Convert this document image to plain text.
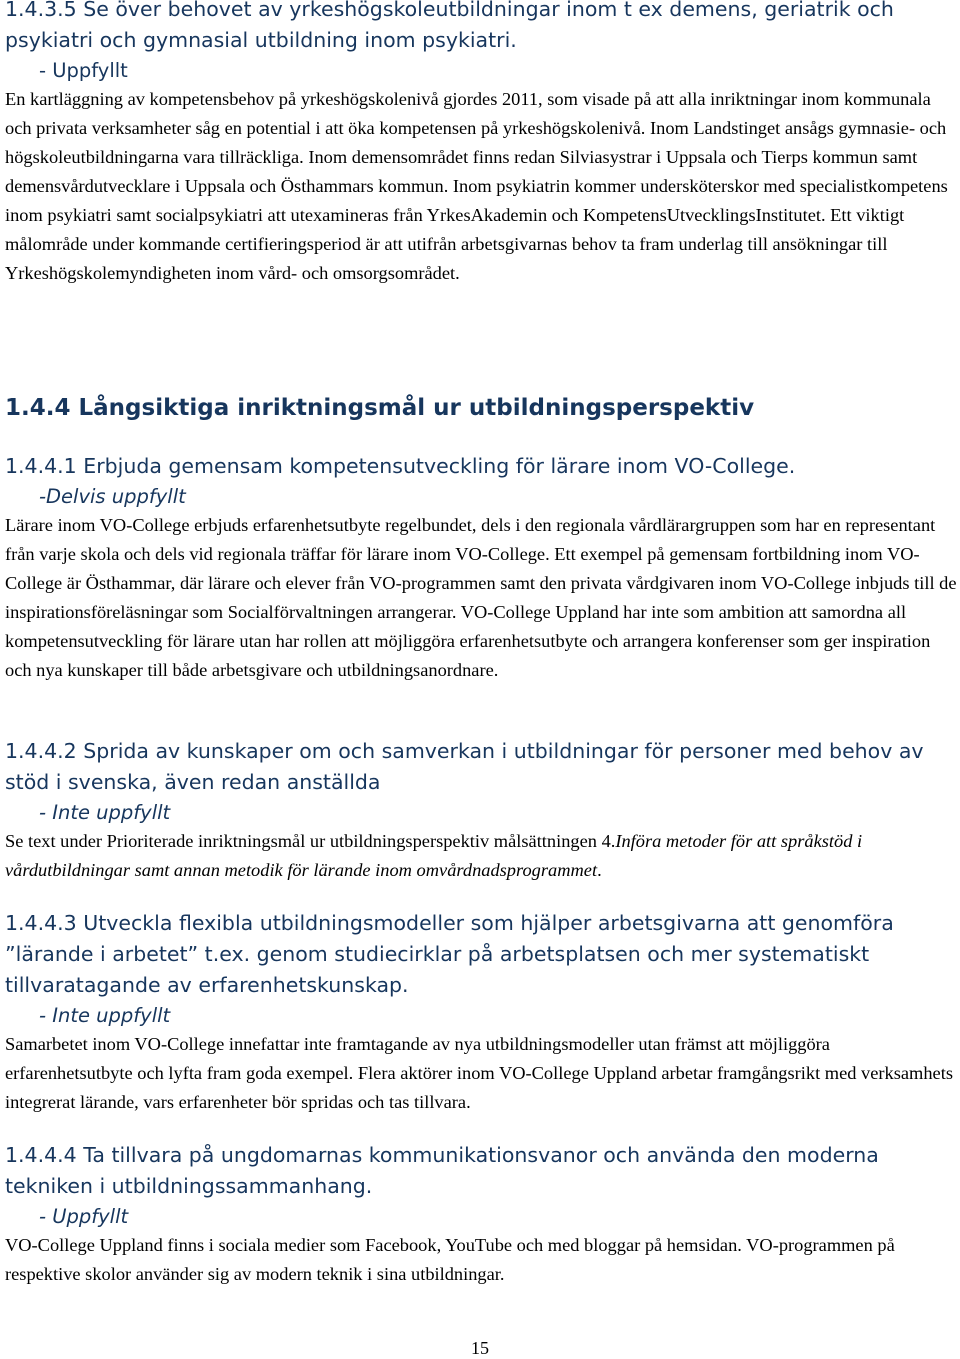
1.4.3.5 Se över behovet av yrkeshögskoleutbildningar inom t ex demens, geriatrik och psykiatri och gymnasial utbildning inom psykiatri.

- Uppfyllt

En kartläggning av kompetensbehov på yrkeshögskolenivå gjordes 2011, som visade på att alla inriktningar inom kommunala och privata verksamheter såg en potential i att öka kompetensen på yrkeshögskolenivå. Inom Landstinget ansågs gymnasie- och högskoleutbildningarna vara tillräckliga. Inom demensområdet finns redan Silviasystrar i Uppsala och Tierps kommun samt demensvårdutvecklare i Uppsala och Östhammars kommun. Inom psykiatrin kommer undersköterskor med specialistkompetens inom psykiatri samt socialpsykiatri att utexamineras från YrkesAkademin och KompetensUtvecklingsInstitutet. Ett viktigt målområde under kommande certifieringsperiod är att utifrån arbetsgivarnas behov ta fram underlag till ansökningar till Yrkeshögskolemyndigheten inom vård- och omsorgsområdet.

1.4.4 Långsiktiga inriktningsmål ur utbildningsperspektiv
1.4.4.1 Erbjuda gemensam kompetensutveckling för lärare inom VO-College.

-Delvis uppfyllt

Lärare inom VO-College erbjuds erfarenhetsutbyte regelbundet, dels i den regionala vårdlärargruppen som har en representant från varje skola och dels vid regionala träffar för lärare inom VO-College. Ett exempel på gemensam fortbildning inom VO-College är Östhammar, där lärare och elever från VO-programmen samt den privata vårdgivaren inom VO-College inbjuds till de inspirationsföreläsningar som Socialförvaltningen arrangerar. VO-College Uppland har inte som ambition att samordna all kompetensutveckling för lärare utan har rollen att möjliggöra erfarenhetsutbyte och arrangera konferenser som ger inspiration och nya kunskaper till både arbetsgivare och utbildningsanordnare.

1.4.4.2 Sprida av kunskaper om och samverkan i utbildningar för personer med behov av stöd i svenska, även redan anställda

- Inte uppfyllt

Se text under Prioriterade inriktningsmål ur utbildningsperspektiv målsättningen 4.Införa metoder för att språkstöd i vårdutbildningar samt annan metodik för lärande inom omvårdnadsprogrammet.

1.4.4.3 Utveckla flexibla utbildningsmodeller som hjälper arbetsgivarna att genomföra ”lärande i arbetet” t.ex. genom studiecirklar på arbetsplatsen och mer systematiskt tillvaratagande av erfarenhetskunskap.

- Inte uppfyllt

Samarbetet inom VO-College innefattar inte framtagande av nya utbildningsmodeller utan främst att möjliggöra erfarenhetsutbyte och lyfta fram goda exempel. Flera aktörer inom VO-College Uppland arbetar framgångsrikt med verksamhets integrerat lärande, vars erfarenheter bör spridas och tas tillvara.

1.4.4.4 Ta tillvara på ungdomarnas kommunikationsvanor och använda den moderna tekniken i utbildningssammanhang.

- Uppfyllt

VO-College Uppland finns i sociala medier som Facebook, YouTube och med bloggar på hemsidan. VO-programmen på respektive skolor använder sig av modern teknik i sina utbildningar.

15
